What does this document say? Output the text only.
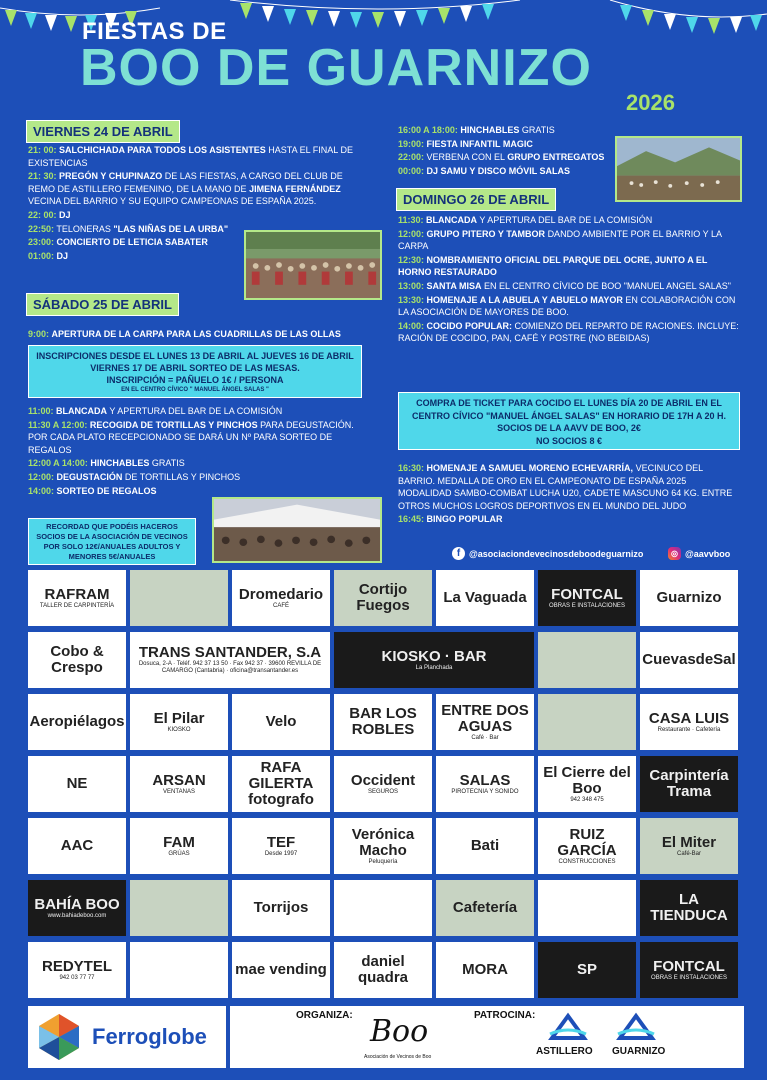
FIESTAS DE
BOO DE GUARNIZO
2026
VIERNES 24 DE ABRIL

21: 00: SALCHICHADA PARA TODOS LOS ASISTENTES HASTA EL FINAL DE EXISTENCIAS

21: 30: PREGÓN Y CHUPINAZO DE LAS FIESTAS, A CARGO DEL CLUB DE REMO DE ASTILLERO FEMENINO, DE LA MANO DE JIMENA FERNÁNDEZ VECINA DEL BARRIO Y SU EQUIPO CAMPEONAS DE ESPAÑA 2025.

22: 00: DJ

22:50: TELONERAS "LAS NIÑAS DE LA URBA"

23:00: CONCIERTO DE LETICIA SABATER

01:00: DJ

SÁBADO 25 DE ABRIL

9:00: APERTURA DE LA CARPA PARA LAS CUADRILLAS DE LAS OLLAS

INSCRIPCIONES DESDE EL LUNES 13 DE ABRIL AL JUEVES 16 DE ABRIL
VIERNES 17 DE ABRIL SORTEO DE LAS MESAS.
INSCRIPCIÓN = PAÑUELO 1€ / PERSONA
EN EL CENTRO CÍVICO " MANUEL ÁNGEL SALAS "

11:00: BLANCADA Y APERTURA DEL BAR DE LA COMISIÓN

11:30 A 12:00: RECOGIDA DE TORTILLAS Y PINCHOS PARA DEGUSTACIÓN. POR CADA PLATO RECEPCIONADO SE DARÁ UN Nº PARA SORTEO DE REGALOS

12:00 A 14:00: HINCHABLES GRATIS

12:00: DEGUSTACIÓN DE TORTILLAS Y PINCHOS

14:00: SORTEO DE REGALOS

RECORDAD QUE PODÉIS HACEROS SOCIOS DE LA ASOCIACIÓN DE VECINOS POR SOLO 12€/ANUALES ADULTOS Y MENORES 5€/ANUALES

16:00 A 18:00: HINCHABLES GRATIS

19:00: FIESTA INFANTIL MAGIC

22:00: VERBENA CON EL GRUPO ENTREGATOS

00:00: DJ SAMU Y DISCO MÓVIL SALAS

DOMINGO 26 DE ABRIL

11:30: BLANCADA Y APERTURA DEL BAR DE LA COMISIÓN

12:00: GRUPO PITERO Y TAMBOR DANDO AMBIENTE POR EL BARRIO Y LA CARPA

12:30: NOMBRAMIENTO OFICIAL DEL PARQUE DEL OCRE, JUNTO A EL HORNO RESTAURADO

13:00: SANTA MISA EN EL CENTRO CÍVICO DE BOO "MANUEL ANGEL SALAS"

13:30: HOMENAJE A LA ABUELA Y ABUELO MAYOR EN COLABORACIÓN CON LA ASOCIACIÓN DE MAYORES DE BOO.

14:00: COCIDO POPULAR: COMIENZO DEL REPARTO DE RACIONES. INCLUYE: RACIÓN DE COCIDO, PAN, CAFÉ Y POSTRE (NO BEBIDAS)

COMPRA DE TICKET PARA COCIDO EL LUNES DÍA 20 DE ABRIL EN EL
CENTRO CÍVICO "MANUEL ÁNGEL SALAS" EN HORARIO DE 17H A 20 H.
SOCIOS DE LA AAVV DE BOO, 2€
NO SOCIOS 8 €

16:30: HOMENAJE A SAMUEL MORENO ECHEVARRÍA, VECINUCO DEL BARRIO. MEDALLA DE ORO EN EL CAMPEONATO DE ESPAÑA 2025 MODALIDAD SAMBO-COMBAT LUCHA U20, CADETE MASCUNO 64 KG. ENTRE OTROS MUCHOS LOGROS DEPORTIVOS EN EL MUNDO DEL JUDO

16:45: BINGO POPULAR

f @asociaciondevecinosdeboodeguarnizo	◎ @aavvboo
RAFRAM
TALLER DE CARPINTERÍA
Dromedario
CAFÉ
Cortijo Fuegos	La Vaguada FONTCAL
OBRAS E INSTALACIONES Guarnizo
Cobo & Crespo
TRANS SANTANDER, S.A
Dosuca, 2-A · Teléf. 942 37 13 50 · Fax 942 37 · 39600 REVILLA DE CAMARGO (Cantabria) · oficina@transantander.es
KIOSKO · BAR
La Planchada	CuevasdeSal
Aeropiélagos El Pilar
KIOSKO	Velo	BAR LOS ROBLES
ENTRE DOS AGUAS
Café · Bar
CASA LUIS
Restaurante · Cafetería
NE	ARSAN
VENTANAS
RAFA GILERTA fotografo
Occident
SEGUROS
SALAS
PIROTECNIA Y SONIDO
El Cierre del Boo
942 348 475
Carpintería Trama
AAC	FAM
GRÚAS
TEF
Desde 1997
Verónica Macho
Peluquería
Bati
RUIZ GARCÍA
CONSTRUCCIONES
El Miter
Café-Bar
BAHÍA BOO
www.bahiadeboo.com	Torrijos	Cafetería	LA TIENDUCA
REDYTEL
942 03 77 77	mae vending	daniel quadra	MORA	SP	FONTCAL
OBRAS E INSTALACIONES
Ferroglobe
ORGANIZA: Boo
Asociación de Vecinos de Boo
PATROCINA:
ASTILLERO GUARNIZO
